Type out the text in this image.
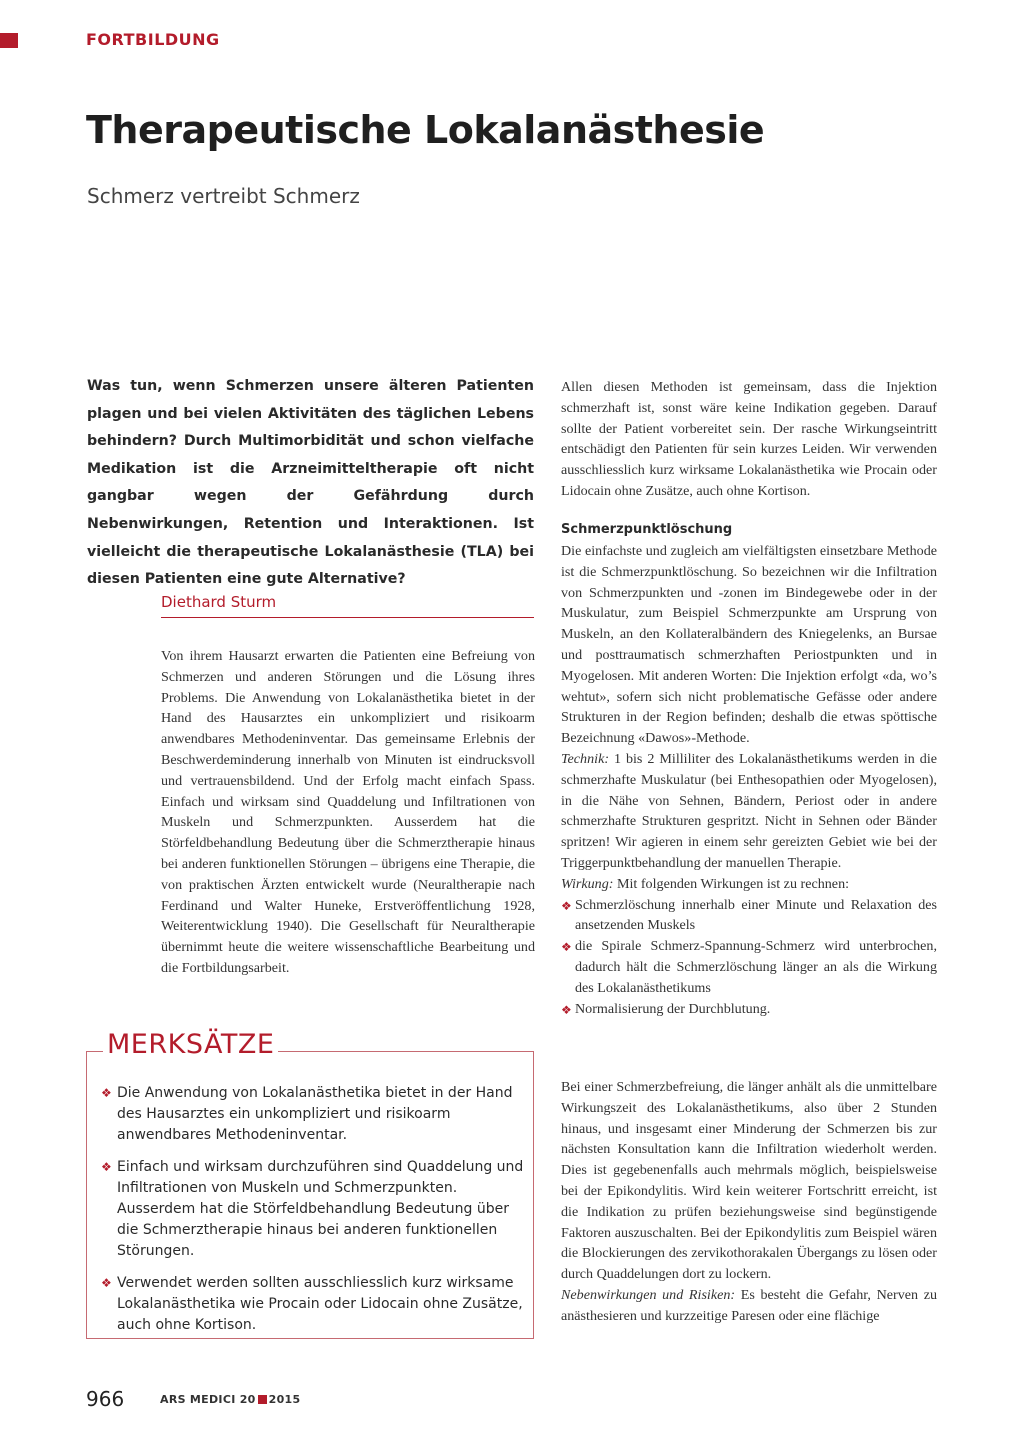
FORTBILDUNG
Therapeutische Lokalanästhesie
Schmerz vertreibt Schmerz

Was tun, wenn Schmerzen unsere älteren Patienten plagen und bei vielen Aktivitäten des täglichen Lebens behindern? Durch Multimorbidität und schon vielfache Medikation ist die Arzneimitteltherapie oft nicht gangbar wegen der Gefährdung durch Nebenwirkungen, Retention und Interaktionen. Ist vielleicht die therapeutische Lokalanästhesie (TLA) bei diesen Patienten eine gute Alternative?

Diethard Sturm

Von ihrem Hausarzt erwarten die Patienten eine Befreiung von Schmerzen und anderen Störungen und die Lösung ihres Problems. Die Anwendung von Lokalanästhetika bietet in der Hand des Hausarztes ein unkompliziert und risikoarm anwendbares Methodeninventar. Das gemeinsame Erlebnis der Beschwerdeminderung innerhalb von Minuten ist eindrucksvoll und vertrauensbildend. Und der Erfolg macht einfach Spass. Einfach und wirksam sind Quaddelung und Infiltrationen von Muskeln und Schmerzpunkten. Ausserdem hat die Störfeldbehandlung Bedeutung über die Schmerztherapie hinaus bei anderen funktionellen Störungen – übrigens eine Therapie, die von praktischen Ärzten entwickelt wurde (Neuraltherapie nach Ferdinand und Walter Huneke, Erstveröffentlichung 1928, Weiterentwicklung 1940). Die Gesellschaft für Neuraltherapie übernimmt heute die weitere wissenschaftliche Bearbeitung und die Fortbildungsarbeit.

MERKSÄTZE
❖ Die Anwendung von Lokalanästhetika bietet in der Hand des Hausarztes ein unkompliziert und risikoarm anwendbares Methodeninventar.
❖ Einfach und wirksam durchzuführen sind Quaddelung und Infiltrationen von Muskeln und Schmerzpunkten. Ausserdem hat die Störfeldbehandlung Bedeutung über die Schmerztherapie hinaus bei anderen funktionellen Störungen.
❖ Verwendet werden sollten ausschliesslich kurz wirksame Lokalanästhetika wie Procain oder Lidocain ohne Zusätze, auch ohne Kortison.

Allen diesen Methoden ist gemeinsam, dass die Injektion schmerzhaft ist, sonst wäre keine Indikation gegeben. Darauf sollte der Patient vorbereitet sein. Der rasche Wirkungseintritt entschädigt den Patienten für sein kurzes Leiden. Wir verwenden ausschliesslich kurz wirksame Lokalanästhetika wie Procain oder Lidocain ohne Zusätze, auch ohne Kortison.

Schmerzpunktlöschung
Die einfachste und zugleich am vielfältigsten einsetzbare Methode ist die Schmerzpunktlöschung. So bezeichnen wir die Infiltration von Schmerzpunkten und -zonen im Bindegewebe oder in der Muskulatur, zum Beispiel Schmerzpunkte am Ursprung von Muskeln, an den Kollateralbändern des Kniegelenks, an Bursae und posttraumatisch schmerzhaften Periostpunkten und in Myogelosen. Mit anderen Worten: Die Injektion erfolgt «da, wo’s wehtut», sofern sich nicht problematische Gefässe oder andere Strukturen in der Region befinden; deshalb die etwas spöttische Bezeichnung «Dawos»-Methode.
Technik: 1 bis 2 Milliliter des Lokalanästhetikums werden in die schmerzhafte Muskulatur (bei Enthesopathien oder Myogelosen), in die Nähe von Sehnen, Bändern, Periost oder in andere schmerzhafte Strukturen gespritzt. Nicht in Sehnen oder Bänder spritzen! Wir agieren in einem sehr gereizten Gebiet wie bei der Triggerpunktbehandlung der manuellen Therapie.
Wirkung: Mit folgenden Wirkungen ist zu rechnen:
❖ Schmerzlöschung innerhalb einer Minute und Relaxation des ansetzenden Muskels
❖ die Spirale Schmerz-Spannung-Schmerz wird unterbrochen, dadurch hält die Schmerzlöschung länger an als die Wirkung des Lokalanästhetikums
❖ Normalisierung der Durchblutung.
Bei einer Schmerzbefreiung, die länger anhält als die unmittelbare Wirkungszeit des Lokalanästhetikums, also über 2 Stunden hinaus, und insgesamt einer Minderung der Schmerzen bis zur nächsten Konsultation kann die Infiltration wiederholt werden. Dies ist gegebenenfalls auch mehrmals möglich, beispielsweise bei der Epikondylitis. Wird kein weiterer Fortschritt erreicht, ist die Indikation zu prüfen beziehungsweise sind begünstigende Faktoren auszuschalten. Bei der Epikondylitis zum Beispiel wären die Blockierungen des zervikothorakalen Übergangs zu lösen oder durch Quaddelungen dort zu lockern.
Nebenwirkungen und Risiken: Es besteht die Gefahr, Nerven zu anästhesieren und kurzzeitige Paresen oder eine flächige
966	ARS MEDICI 20 2015
